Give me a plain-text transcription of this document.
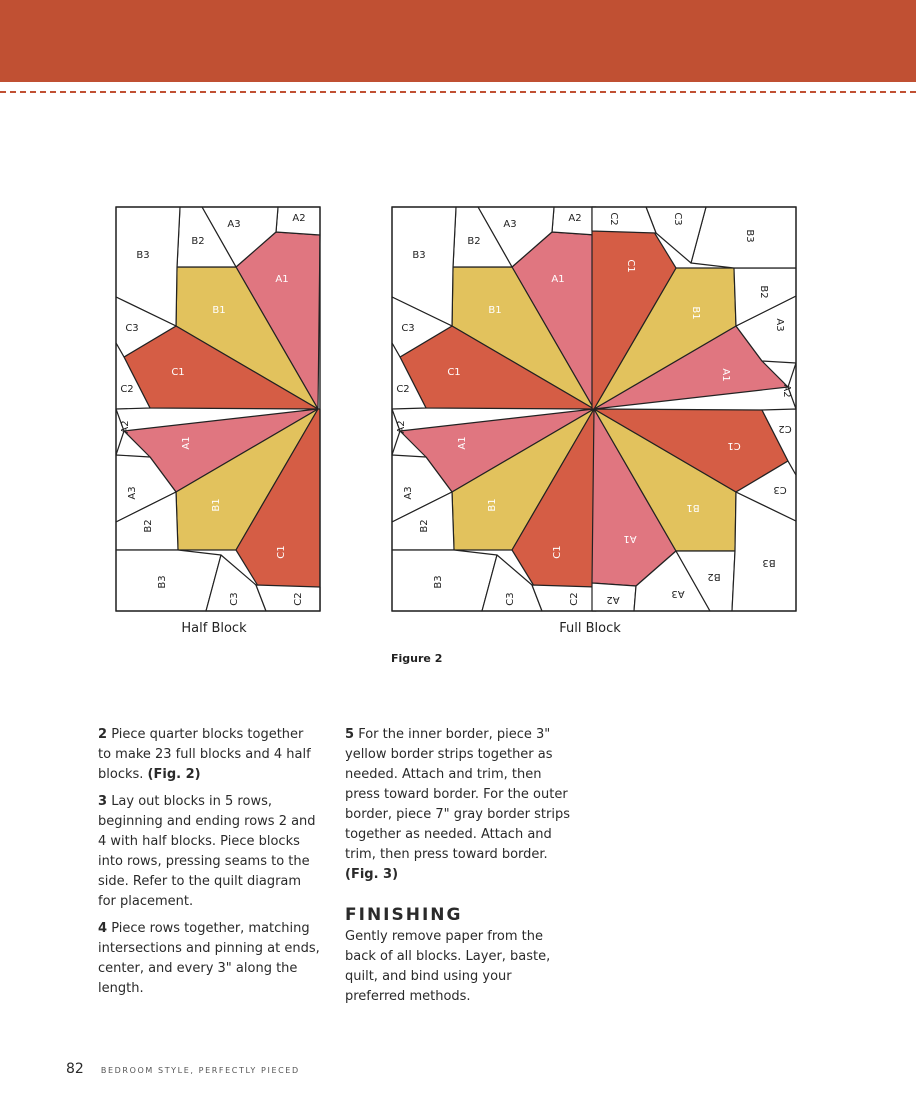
A1
B1
C1
A2
A3
B2
B3
C3
C2
A1
B1
C1
A2
A3
B2
B3
C3	C2
A1
B1
C1
A2
A3
B2
B3
C3
C2
A1
B1
C1
A2
A3
B2
B3
C3	C2
A1
B1
C1
A2
A3
B2
B3
C3
C2
A1
B1
C1
A2
A3
B2
B3
C3
C2
Half Block	Full Block
Figure 2

2 Piece quarter blocks together to make 23 full blocks and 4 half blocks. (Fig. 2)

3 Lay out blocks in 5 rows, beginning and ending rows 2 and 4 with half blocks. Piece blocks into rows, pressing seams to the side. Refer to the quilt diagram for placement.

4 Piece rows together, matching intersections and pinning at ends, center, and every 3" along the length.

5 For the inner border, piece 3" yellow border strips together as needed. Attach and trim, then press toward border. For the outer border, piece 7" gray border strips together as needed. Attach and trim, then press toward border. (Fig. 3)

FINISHING

Gently remove paper from the back of all blocks. Layer, baste, quilt, and bind using your preferred methods.

82 BEDROOM STYLE, PERFECTLY PIECED
